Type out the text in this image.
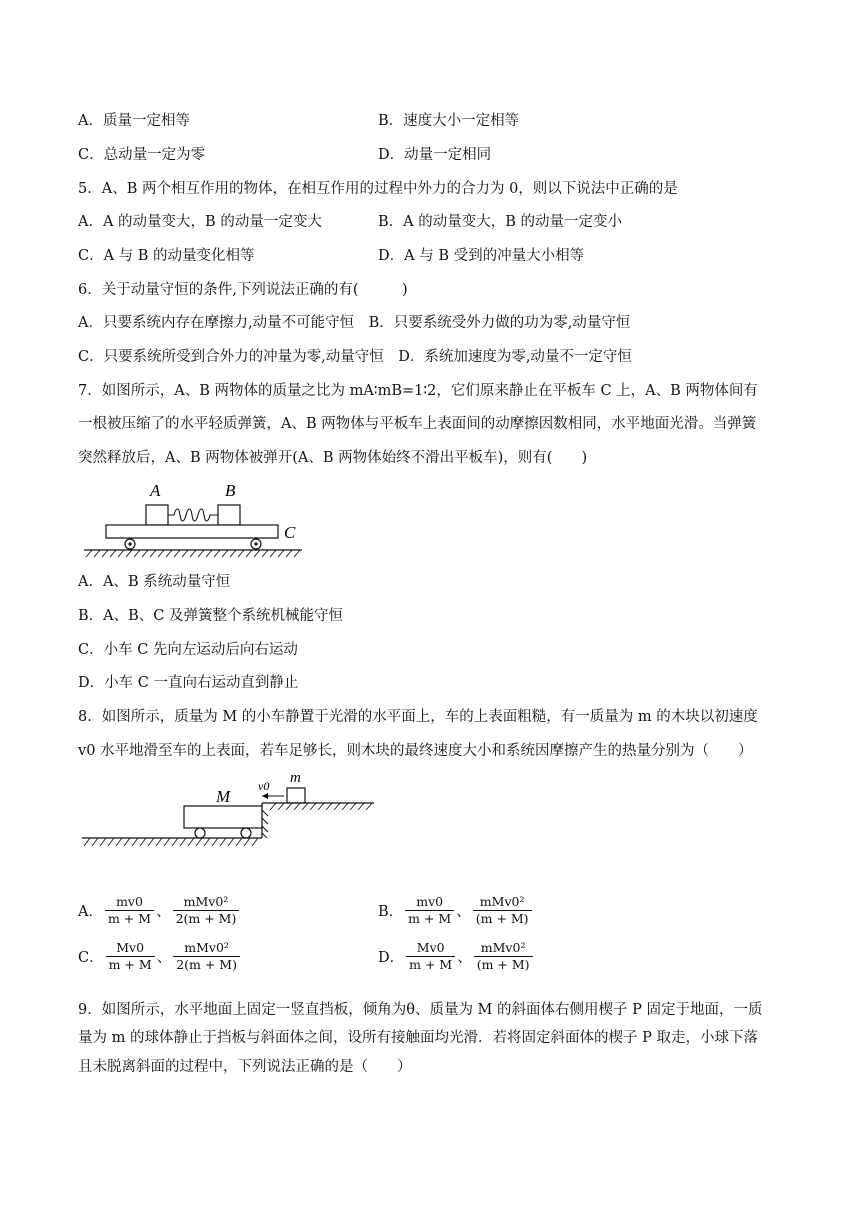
A．质量一定相等	B．速度大小一定相等
C．总动量一定为零	D．动量一定相同
5．A、B 两个相互作用的物体，在相互作用的过程中外力的合力为 0，则以下说法中正确的是
A．A 的动量变大，B 的动量一定变大	B．A 的动量变大，B 的动量一定变小
C．A 与 B 的动量变化相等	D．A 与 B 受到的冲量大小相等
6．关于动量守恒的条件,下列说法正确的有(　　　)
A．只要系统内存在摩擦力,动量不可能守恒　B．只要系统受外力做的功为零,动量守恒
C．只要系统所受到合外力的冲量为零,动量守恒　D．系统加速度为零,动量不一定守恒
7．如图所示，A、B 两物体的质量之比为 mA∶mB=1∶2，它们原来静止在平板车 C 上，A、B 两物体间有
一根被压缩了的水平轻质弹簧，A、B 两物体与平板车上表面间的动摩擦因数相同，水平地面光滑。当弹簧
突然释放后，A、B 两物体被弹开(A、B 两物体始终不滑出平板车)，则有(　　)
A	B
C
A．A、B 系统动量守恒
B．A、B、C 及弹簧整个系统机械能守恒
C．小车 C 先向左运动后向右运动
D．小车 C 一直向右运动直到静止
8．如图所示，质量为 M 的小车静置于光滑的水平面上，车的上表面粗糙，有一质量为 m 的木块以初速度
v0 水平地滑至车的上表面，若车足够长，则木块的最终速度大小和系统因摩擦产生的热量分别为（　　）
M
m
v0
A． $\frac{mv0}{m + M}$ 、 $\frac{\text{mMv0²}}{2(m + M)}$	B． $\frac{mv0}{m + M}$ 、 $\frac{\text{mMv0²}}{(m + M)}$
C． $\frac{Mv0}{m + M}$ 、 $\frac{\text{mMv0²}}{2(m + M)}$	D． $\frac{Mv0}{m + M}$ 、 $\frac{\text{mMv0²}}{(m + M)}$
9．如图所示，水平地面上固定一竖直挡板，倾角为θ、质量为 M 的斜面体右侧用楔子 P 固定于地面，一质
量为 m 的球体静止于挡板与斜面体之间，设所有接触面均光滑．若将固定斜面体的楔子 P 取走，小球下落
且未脱离斜面的过程中，下列说法正确的是（　　）
